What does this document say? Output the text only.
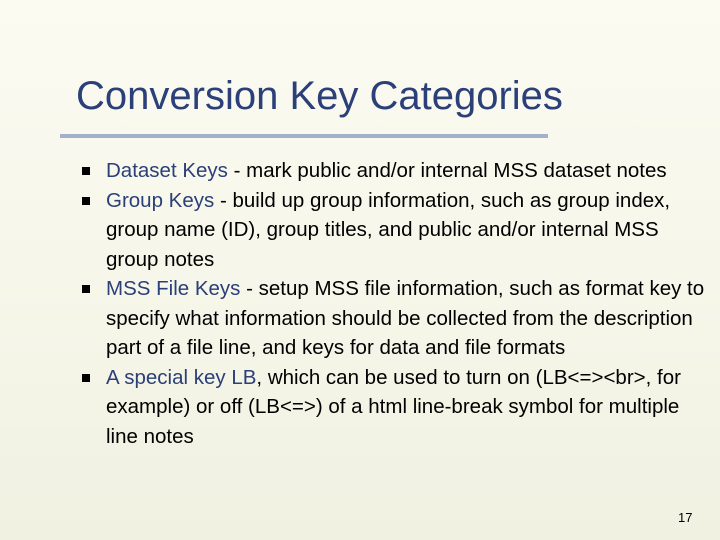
Conversion Key Categories
Dataset Keys - mark public and/or internal MSS dataset notes
Group Keys - build up group information, such as group index, group name (ID), group titles, and public and/or internal MSS group notes
MSS File Keys - setup MSS file information, such as format key to specify what information should be collected from the description part of a file line, and keys for data and file formats
A special key LB, which can be used to turn on (LB<=><br>, for example) or off (LB<=>) of a html line-break symbol for multiple line notes
17
